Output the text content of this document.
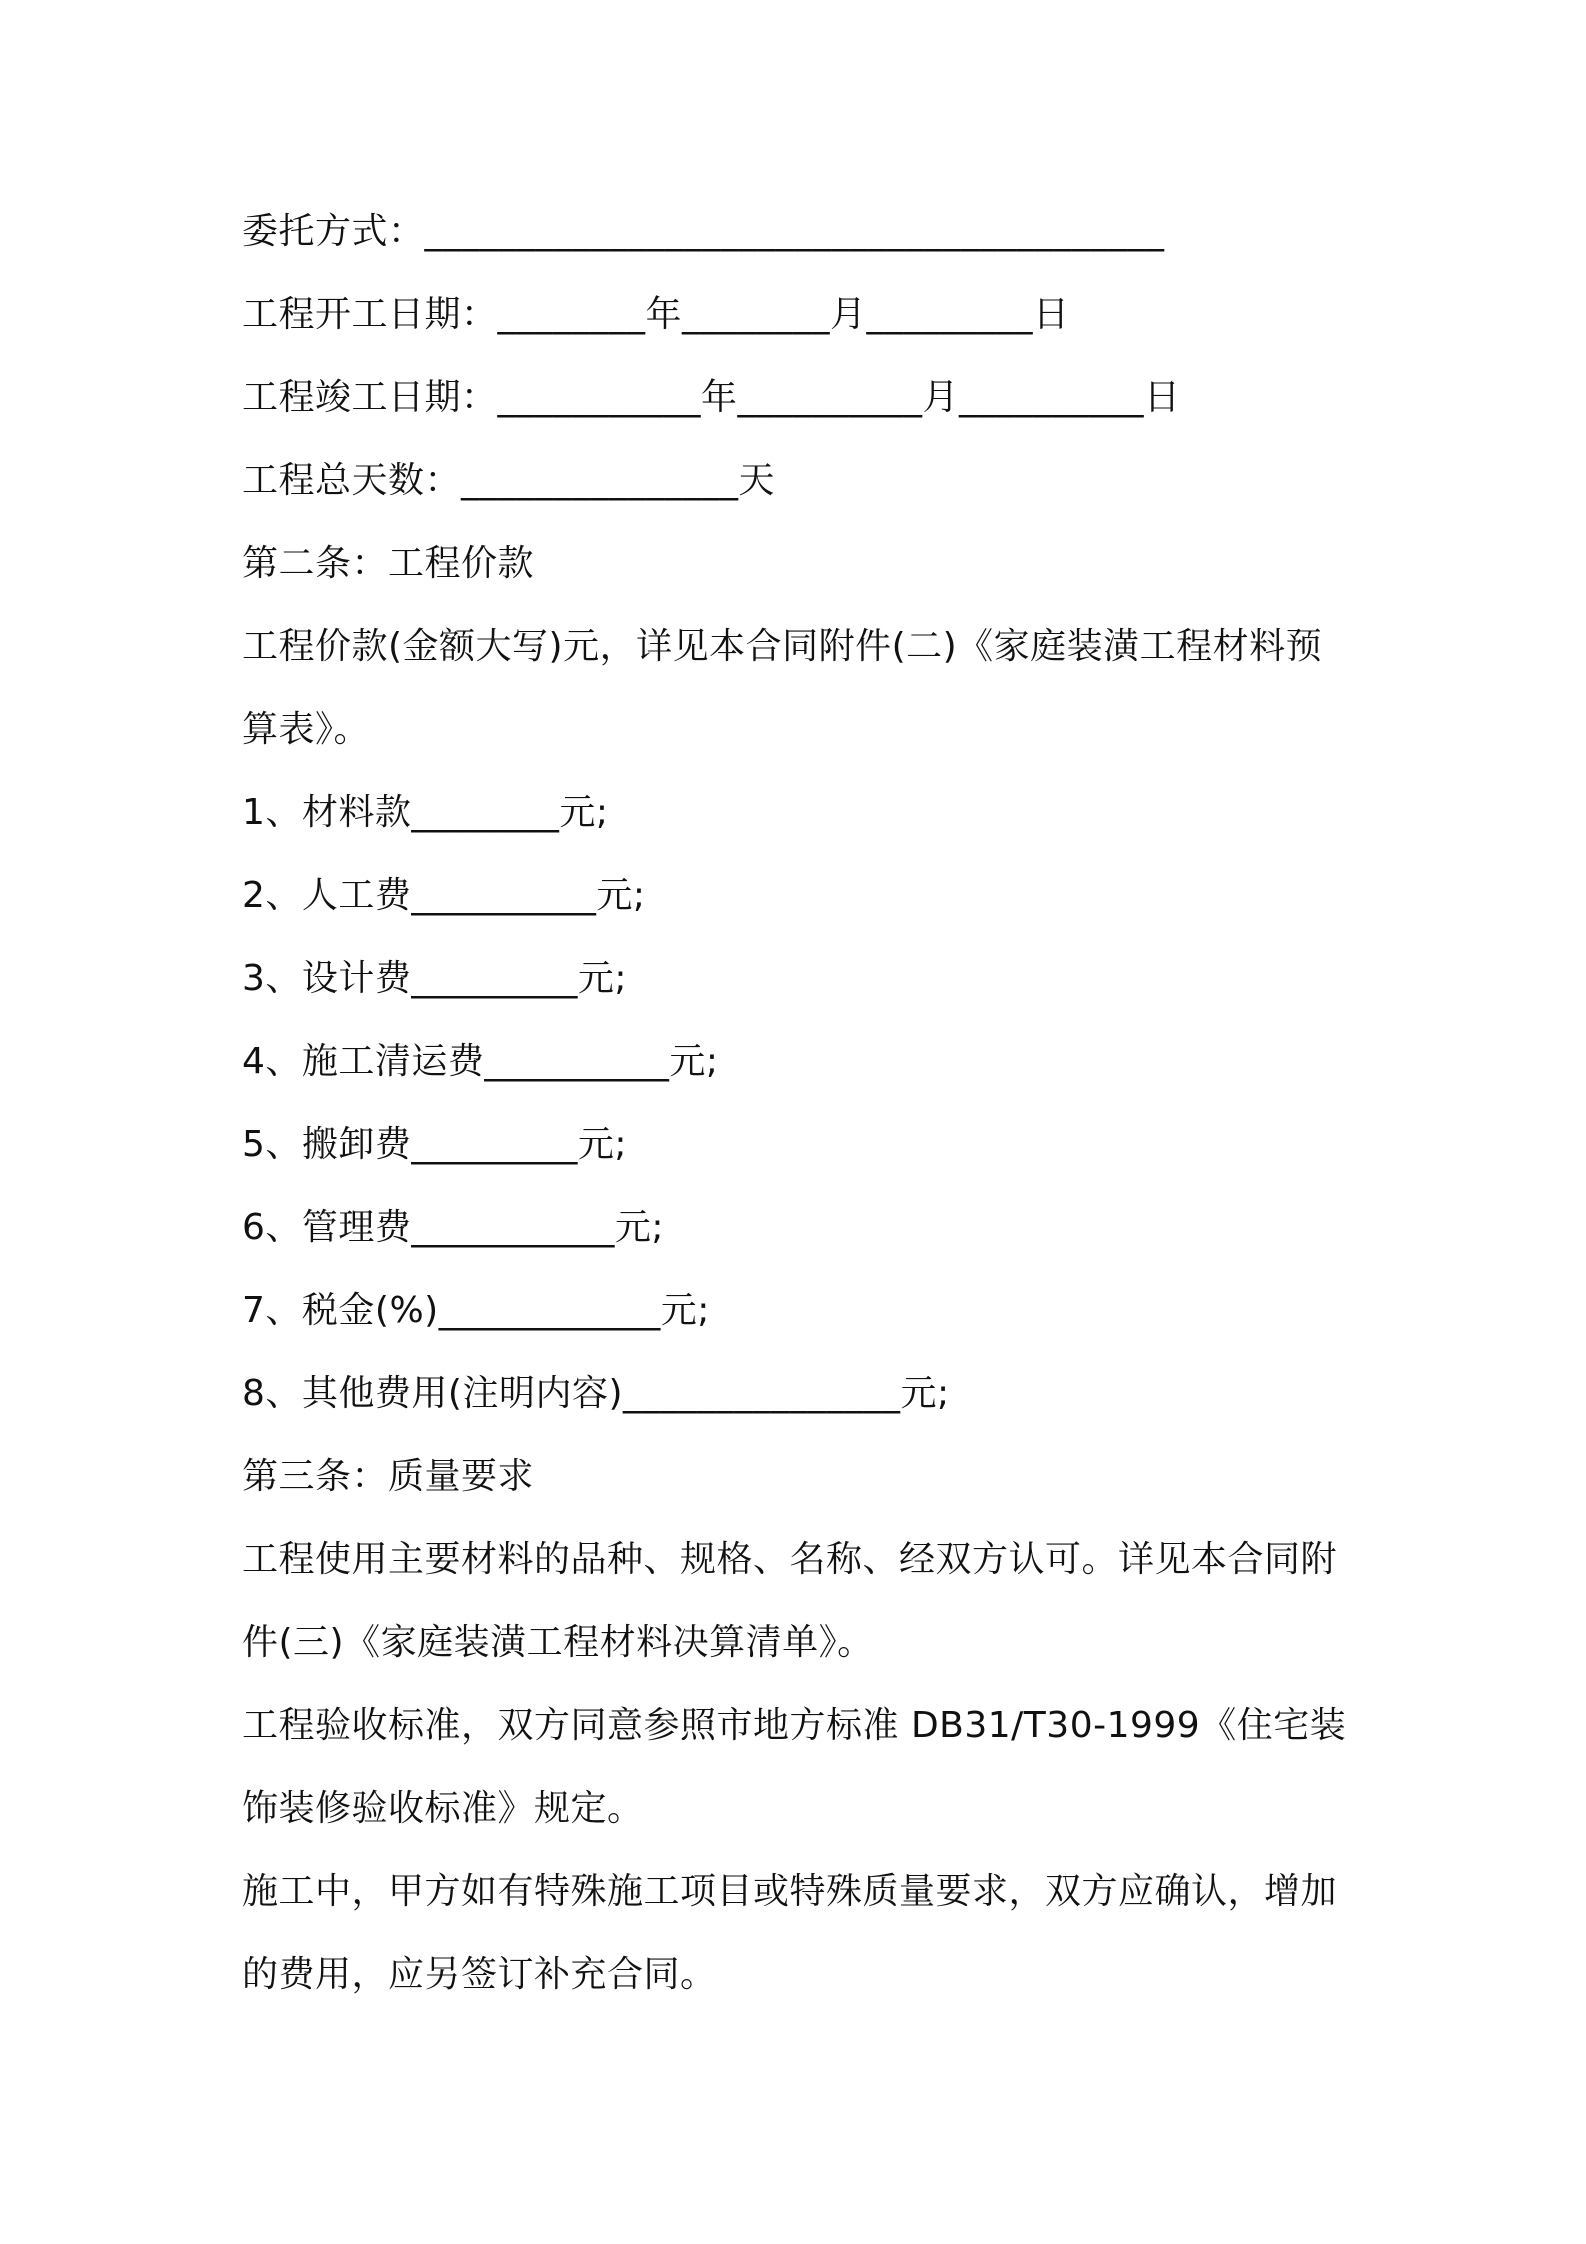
委托方式：________________________________________
工程开工日期：________年________月_________日
工程竣工日期：___________年__________月__________日
工程总天数：_______________天
第二条：工程价款
工程价款(金额大写)元，详见本合同附件(二)《家庭装潢工程材料预
算表》。
1、材料款________元;
2、人工费__________元;
3、设计费_________元;
4、施工清运费__________元;
5、搬卸费_________元;
6、管理费___________元;
7、税金(%)____________元;
8、其他费用(注明内容)_______________元;
第三条：质量要求
工程使用主要材料的品种、规格、名称、经双方认可。详见本合同附
件(三)《家庭装潢工程材料决算清单》。
工程验收标准，双方同意参照市地方标准 DB31/T30-1999《住宅装
饰装修验收标准》规定。
施工中，甲方如有特殊施工项目或特殊质量要求，双方应确认，增加
的费用，应另签订补充合同。
